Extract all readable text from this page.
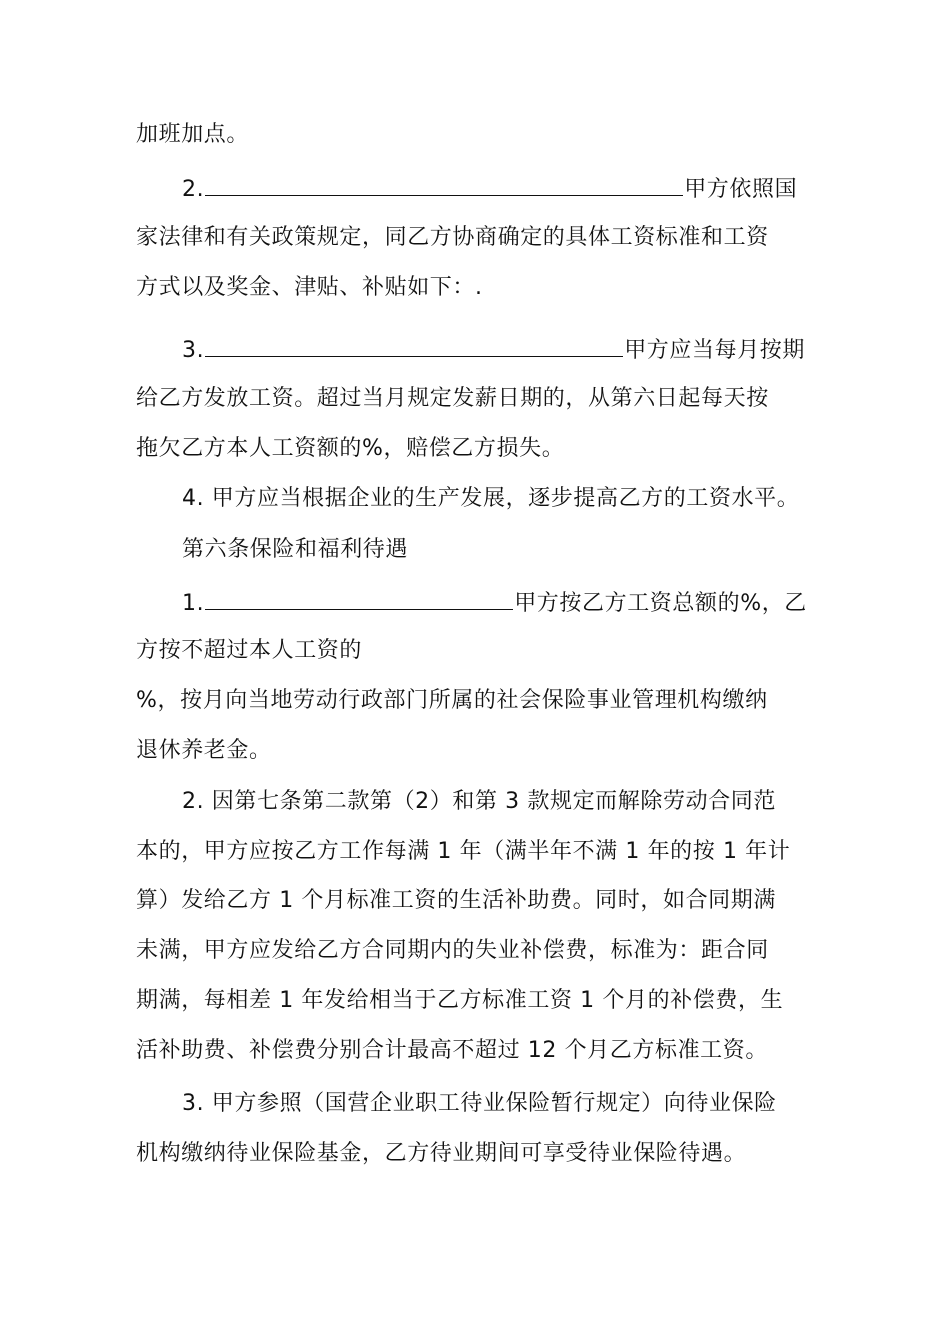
加班加点。
2.	甲方依照国
家法律和有关政策规定，同乙方协商确定的具体工资标准和工资
方式以及奖金、津贴、补贴如下：.
3.	甲方应当每月按期
给乙方发放工资。超过当月规定发薪日期的，从第六日起每天按
拖欠乙方本人工资额的%，赔偿乙方损失。
4. 甲方应当根据企业的生产发展，逐步提高乙方的工资水平。
第六条保险和福利待遇
1.	甲方按乙方工资总额的%，乙
方按不超过本人工资的
%，按月向当地劳动行政部门所属的社会保险事业管理机构缴纳
退休养老金。
2. 因第七条第二款第（2）和第 3 款规定而解除劳动合同范
本的，甲方应按乙方工作每满 1 年（满半年不满 1 年的按 1 年计
算）发给乙方 1 个月标准工资的生活补助费。同时，如合同期满
未满，甲方应发给乙方合同期内的失业补偿费，标准为：距合同
期满，每相差 1 年发给相当于乙方标准工资 1 个月的补偿费，生
活补助费、补偿费分别合计最高不超过 12 个月乙方标准工资。
3. 甲方参照（国营企业职工待业保险暂行规定）向待业保险
机构缴纳待业保险基金，乙方待业期间可享受待业保险待遇。
